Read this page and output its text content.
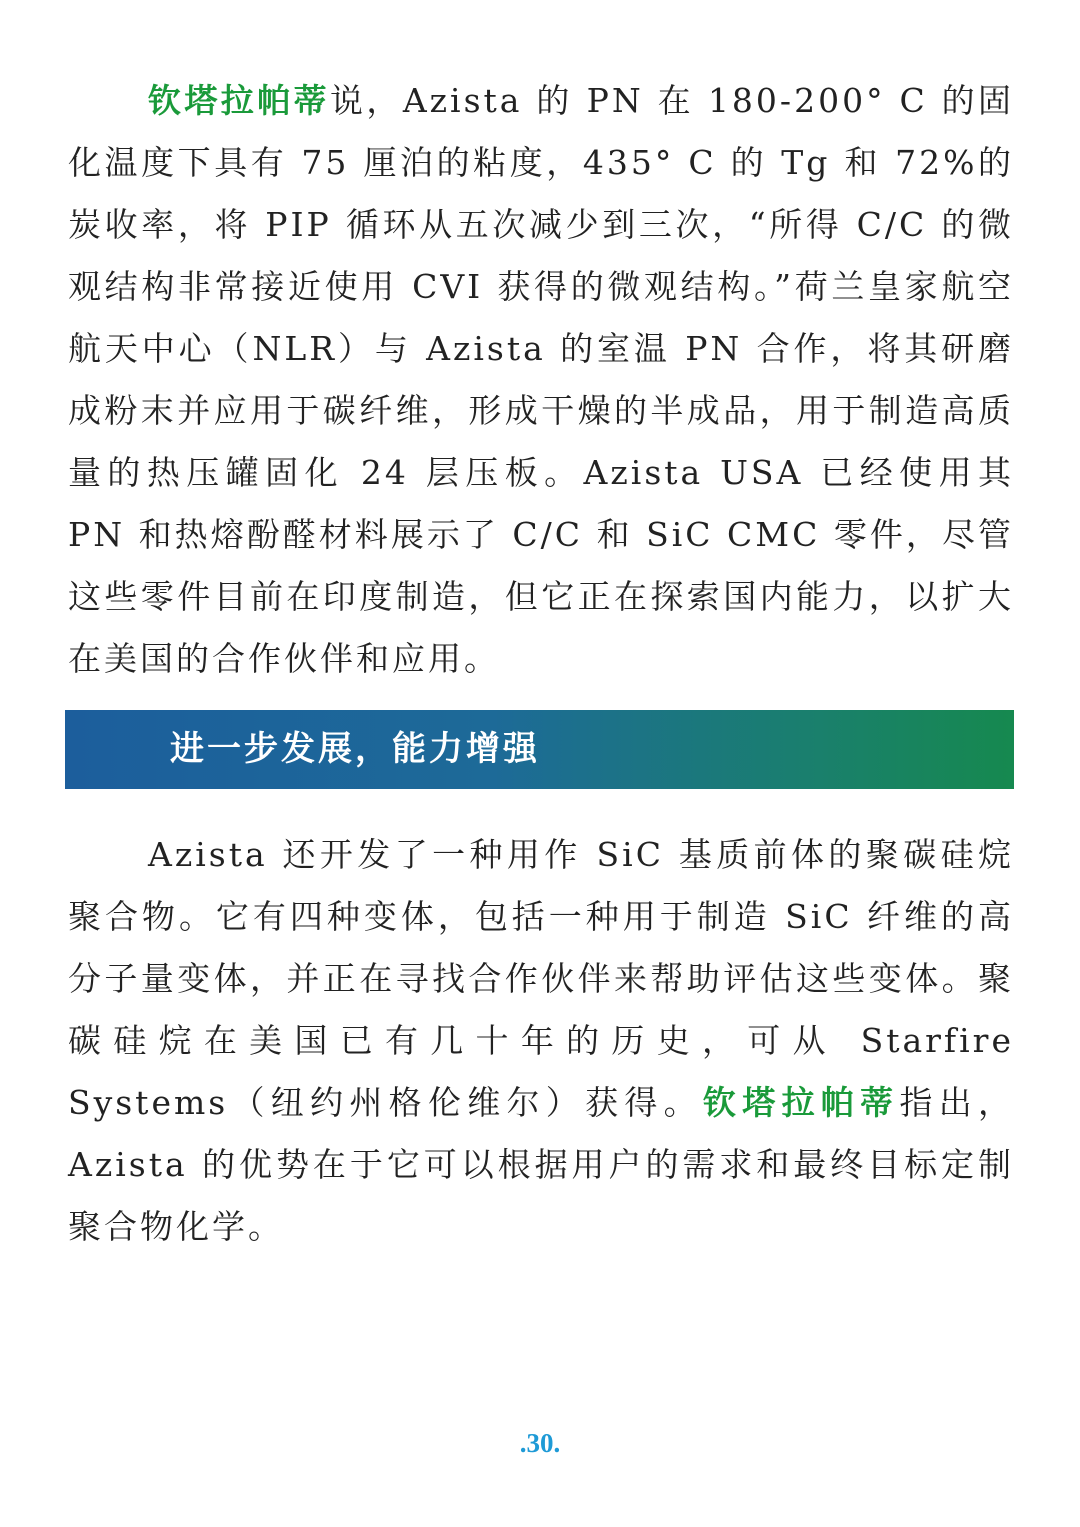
钦塔拉帕蒂说，Azista 的 PN 在 180-200° C 的固化温度下具有 75 厘泊的粘度，435° C 的 Tg 和 72%的炭收率，将 PIP 循环从五次减少到三次，“所得 C/C 的微观结构非常接近使用 CVI 获得的微观结构。”荷兰皇家航空航天中心（NLR）与 Azista 的室温 PN 合作，将其研磨成粉末并应用于碳纤维，形成干燥的半成品，用于制造高质量的热压罐固化 24 层压板。Azista USA 已经使用其 PN 和热熔酚醛材料展示了 C/C 和 SiC CMC 零件，尽管这些零件目前在印度制造，但它正在探索国内能力，以扩大在美国的合作伙伴和应用。

进一步发展，能力增强

Azista 还开发了一种用作 SiC 基质前体的聚碳硅烷聚合物。它有四种变体，包括一种用于制造 SiC 纤维的高分子量变体，并正在寻找合作伙伴来帮助评估这些变体。聚碳硅烷在美国已有几十年的历史，可从 Starfire Systems（纽约州格伦维尔）获得。钦塔拉帕蒂指出，Azista 的优势在于它可以根据用户的需求和最终目标定制聚合物化学。

.30.
